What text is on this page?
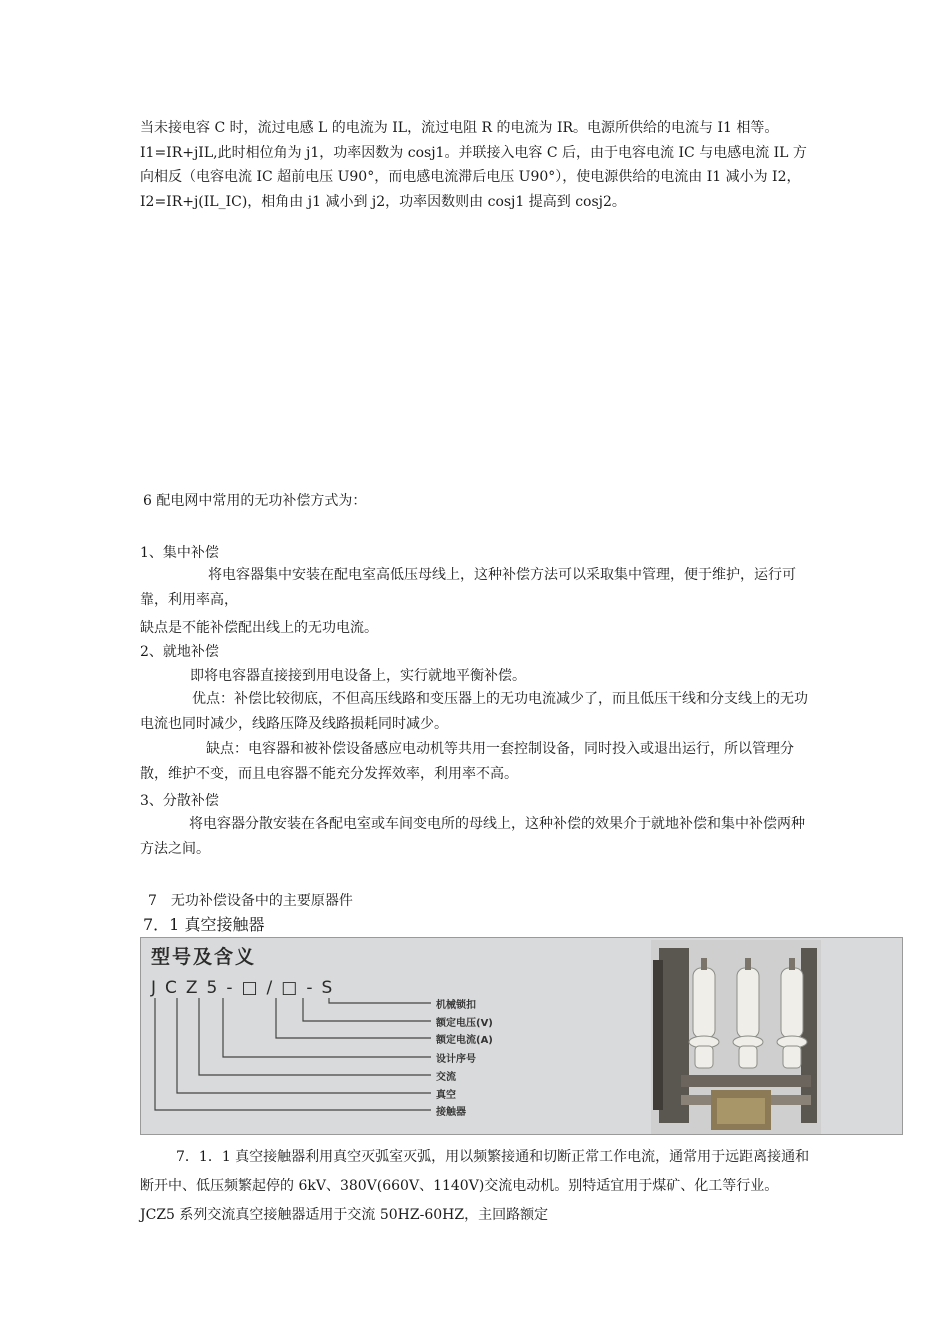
当未接电容 C 时，流过电感 L 的电流为 IL，流过电阻 R 的电流为 IR。电源所供给的电流与 I1 相等。I1=IR+jIL,此时相位角为 j1，功率因数为 cosj1。并联接入电容 C 后，由于电容电流 IC 与电感电流 IL 方向相反（电容电流 IC 超前电压 U90°，而电感电流滞后电压 U90°），使电源供给的电流由 I1 减小为 I2，I2=IR+j(IL_IC)，相角由 j1 减小到 j2，功率因数则由 cosj1 提高到 cosj2。

6 配电网中常用的无功补偿方式为：

1、集中补偿

将电容器集中安装在配电室高低压母线上，这种补偿方法可以采取集中管理，便于维护，运行可靠，利用率高，

缺点是不能补偿配出线上的无功电流。

2、就地补偿

即将电容器直接接到用电设备上，实行就地平衡补偿。

优点：补偿比较彻底，不但高压线路和变压器上的无功电流减少了，而且低压干线和分支线上的无功电流也同时减少，线路压降及线路损耗同时减少。

缺点：电容器和被补偿设备感应电动机等共用一套控制设备，同时投入或退出运行，所以管理分散，维护不变，而且电容器不能充分发挥效率，利用率不高。

3、分散补偿

将电容器分散安装在各配电室或车间变电所的母线上，这种补偿的效果介于就地补偿和集中补偿两种方法之间。

7　无功补偿设备中的主要原器件

7．1 真空接触器

型号及含义
JCZ5-□/□-S
机械锁扣
额定电压(V)
额定电流(A)
设计序号
交流
真空
接触器

7．1．1 真空接触器利用真空灭弧室灭弧，用以频繁接通和切断正常工作电流，通常用于远距离接通和断开中、低压频繁起停的 6kV、380V(660V、1140V)交流电动机。别特适宜用于煤矿、化工等行业。 JCZ5 系列交流真空接触器适用于交流 50HZ-60HZ，主回路额定
